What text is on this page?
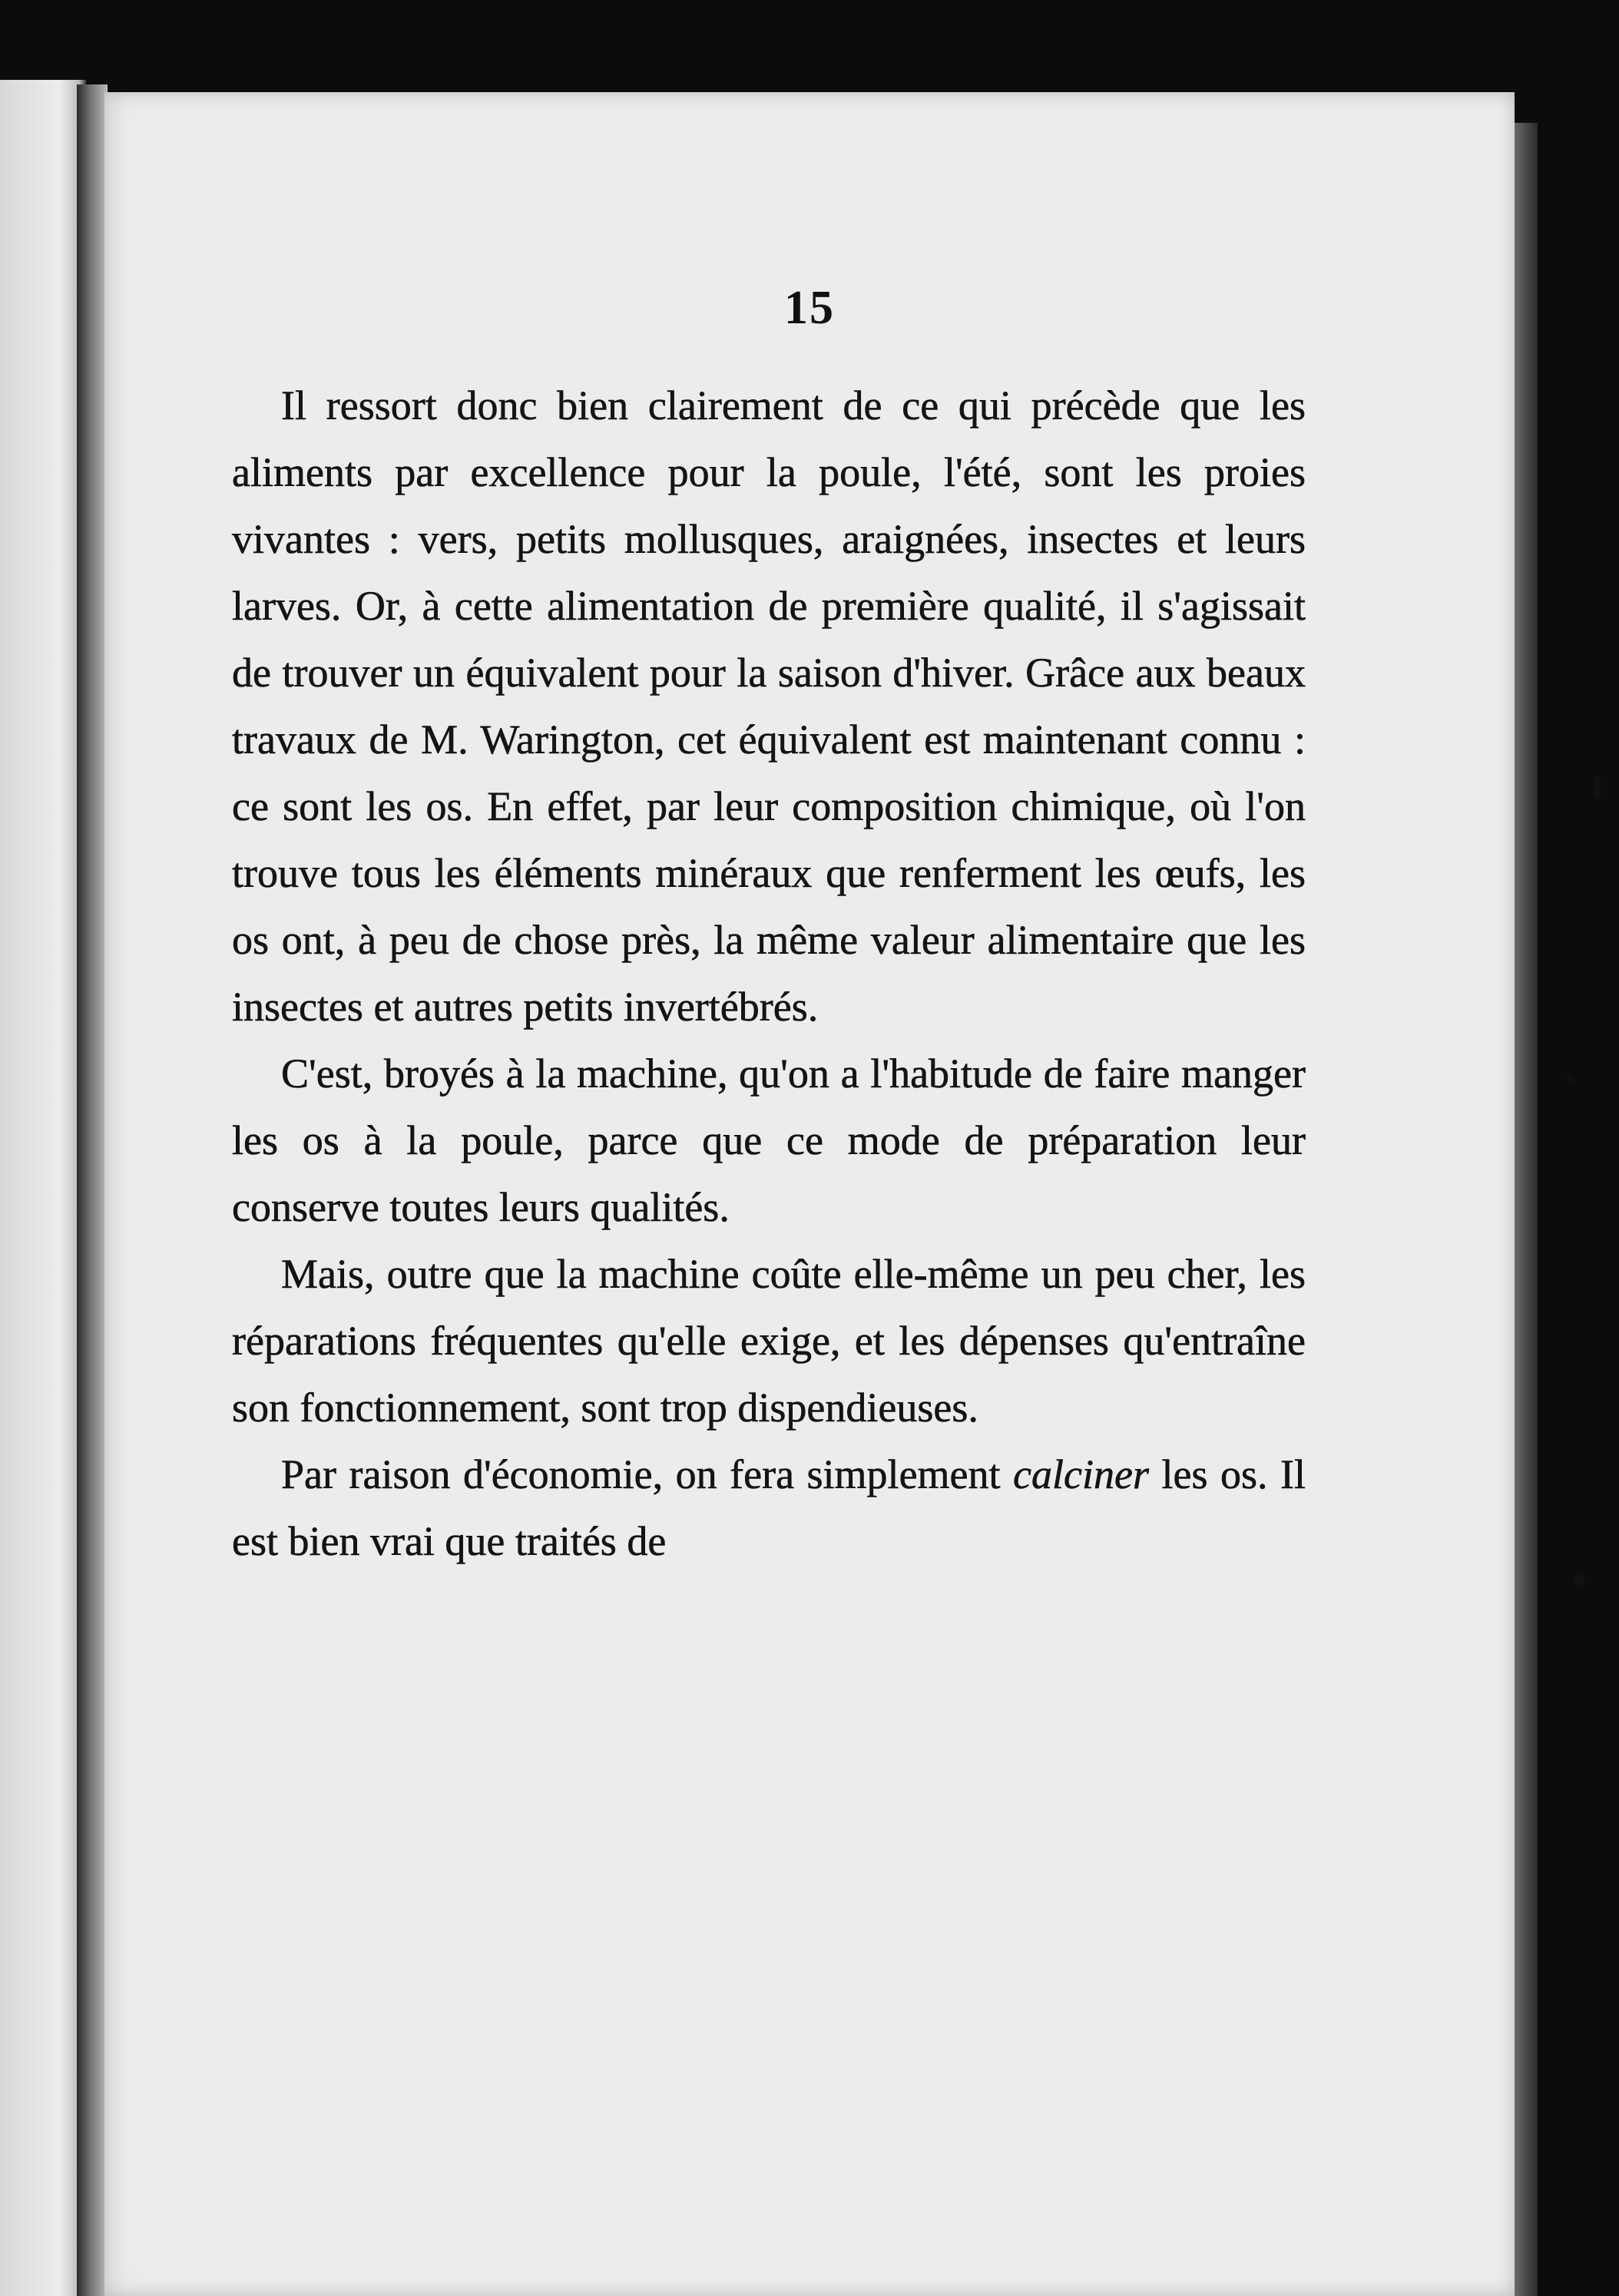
15

Il ressort donc bien clairement de ce qui précède que les aliments par excellence pour la poule, l'été, sont les proies vivantes : vers, petits mollusques, araignées, insectes et leurs larves. Or, à cette alimentation de première qualité, il s'agissait de trouver un équivalent pour la saison d'hiver. Grâce aux beaux travaux de M. Warington, cet équivalent est maintenant connu : ce sont les os. En effet, par leur composition chimique, où l'on trouve tous les éléments minéraux que renferment les œufs, les os ont, à peu de chose près, la même valeur alimentaire que les insectes et autres petits invertébrés.

C'est, broyés à la machine, qu'on a l'habitude de faire manger les os à la poule, parce que ce mode de préparation leur conserve toutes leurs qualités.

Mais, outre que la machine coûte elle-même un peu cher, les réparations fréquentes qu'elle exige, et les dépenses qu'entraîne son fonctionnement, sont trop dispendieuses.

Par raison d'économie, on fera simplement calciner les os. Il est bien vrai que traités de
